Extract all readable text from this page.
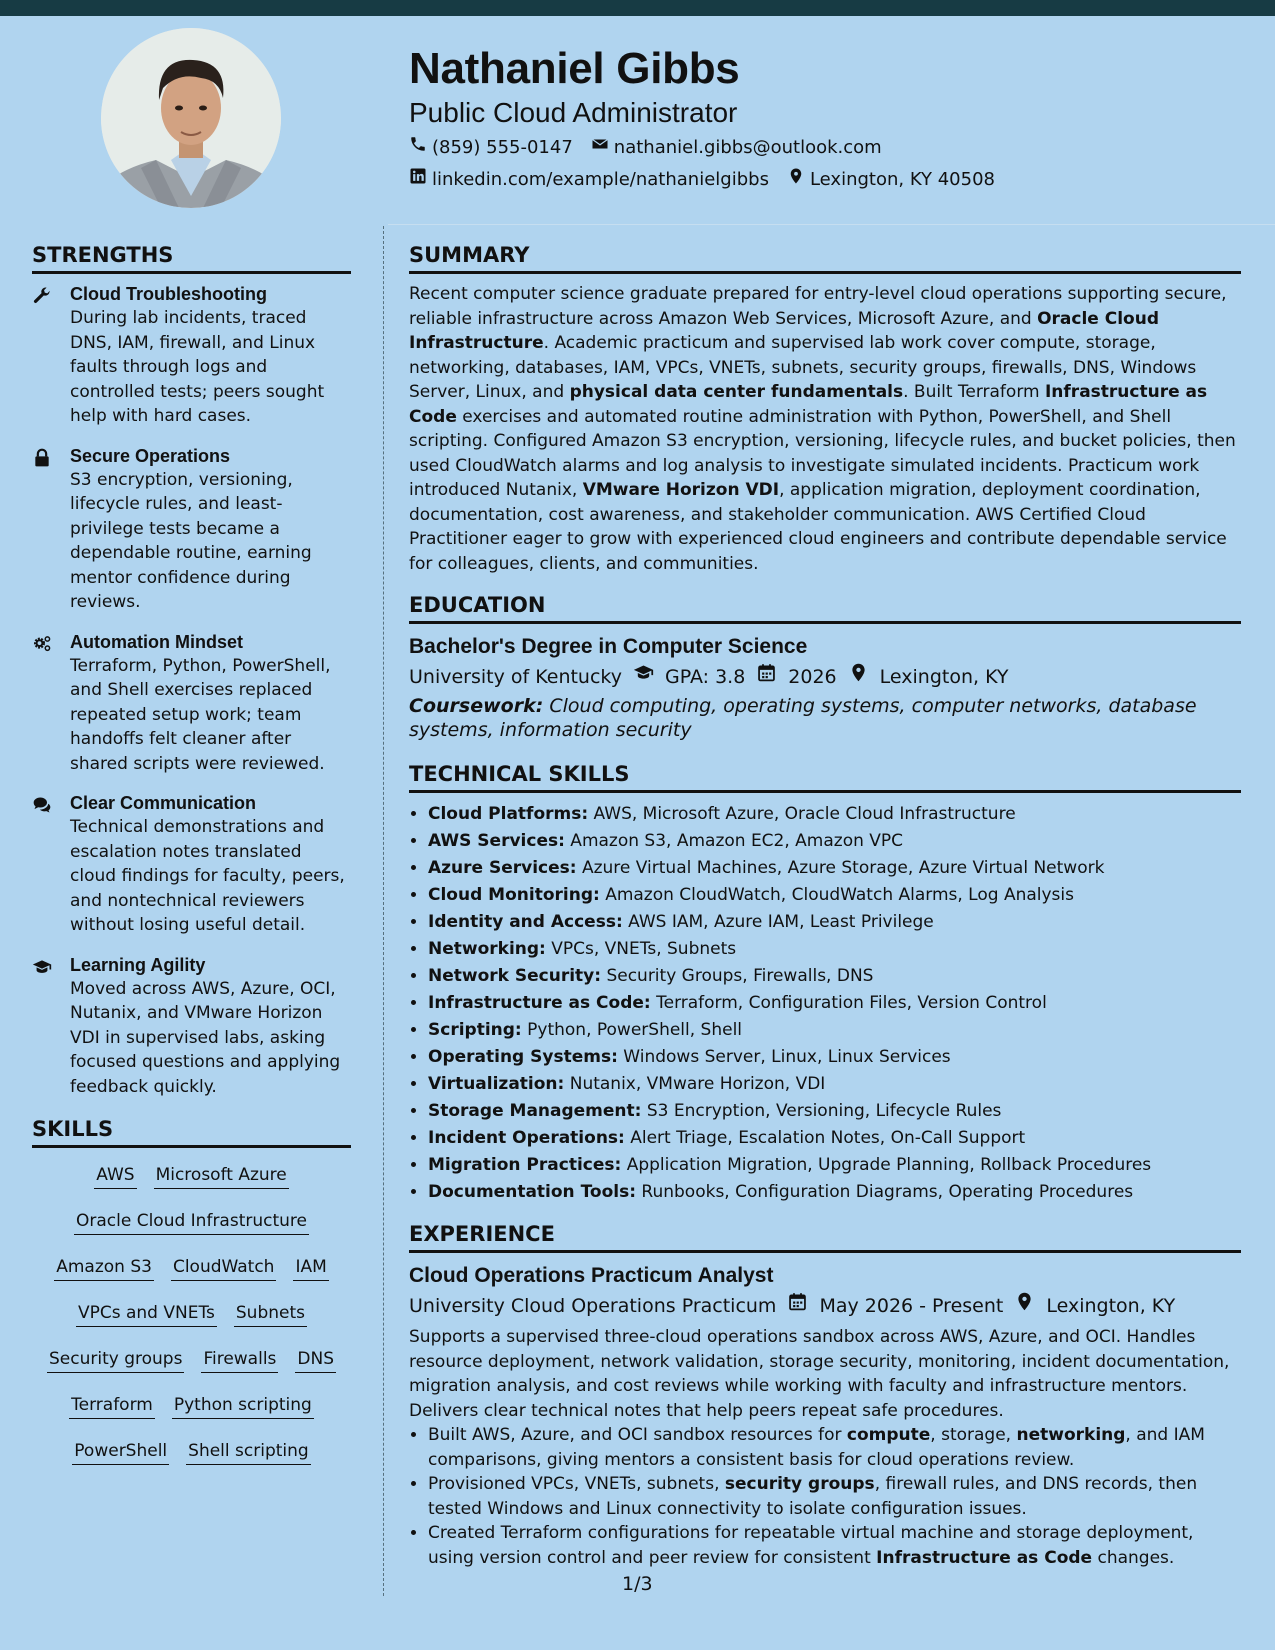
Nathaniel Gibbs
Public Cloud Administrator
(859) 555-0147 nathaniel.gibbs@outlook.com
linkedin.com/example/nathanielgibbs Lexington, KY 40508
STRENGTHS
Cloud Troubleshooting
During lab incidents, traced DNS, IAM, firewall, and Linux faults through logs and controlled tests; peers sought help with hard cases.
Secure Operations
S3 encryption, versioning, lifecycle rules, and least-privilege tests became a dependable routine, earning mentor confidence during reviews.
Automation Mindset
Terraform, Python, PowerShell, and Shell exercises replaced repeated setup work; team handoffs felt cleaner after shared scripts were reviewed.
Clear Communication
Technical demonstrations and escalation notes translated cloud findings for faculty, peers, and nontechnical reviewers without losing useful detail.
Learning Agility
Moved across AWS, Azure, OCI, Nutanix, and VMware Horizon VDI in supervised labs, asking focused questions and applying feedback quickly.
SKILLS
AWS Microsoft Azure
Oracle Cloud Infrastructure
Amazon S3 CloudWatch IAM
VPCs and VNETs Subnets
Security groups Firewalls DNS
Terraform Python scripting
PowerShell Shell scripting
SUMMARY
Recent computer science graduate prepared for entry-level cloud operations supporting secure, reliable infrastructure across Amazon Web Services, Microsoft Azure, and Oracle Cloud Infrastructure. Academic practicum and supervised lab work cover compute, storage, networking, databases, IAM, VPCs, VNETs, subnets, security groups, firewalls, DNS, Windows Server, Linux, and physical data center fundamentals. Built Terraform Infrastructure as Code exercises and automated routine administration with Python, PowerShell, and Shell scripting. Configured Amazon S3 encryption, versioning, lifecycle rules, and bucket policies, then used CloudWatch alarms and log analysis to investigate simulated incidents. Practicum work introduced Nutanix, VMware Horizon VDI, application migration, deployment coordination, documentation, cost awareness, and stakeholder communication. AWS Certified Cloud Practitioner eager to grow with experienced cloud engineers and contribute dependable service for colleagues, clients, and communities.
EDUCATION
Bachelor's Degree in Computer Science
University of Kentucky GPA: 3.8 2026 Lexington, KY
Coursework: Cloud computing, operating systems, computer networks, database systems, information security
TECHNICAL SKILLS
• Cloud Platforms: AWS, Microsoft Azure, Oracle Cloud Infrastructure
• AWS Services: Amazon S3, Amazon EC2, Amazon VPC
• Azure Services: Azure Virtual Machines, Azure Storage, Azure Virtual Network
• Cloud Monitoring: Amazon CloudWatch, CloudWatch Alarms, Log Analysis
• Identity and Access: AWS IAM, Azure IAM, Least Privilege
• Networking: VPCs, VNETs, Subnets
• Network Security: Security Groups, Firewalls, DNS
• Infrastructure as Code: Terraform, Configuration Files, Version Control
• Scripting: Python, PowerShell, Shell
• Operating Systems: Windows Server, Linux, Linux Services
• Virtualization: Nutanix, VMware Horizon, VDI
• Storage Management: S3 Encryption, Versioning, Lifecycle Rules
• Incident Operations: Alert Triage, Escalation Notes, On-Call Support
• Migration Practices: Application Migration, Upgrade Planning, Rollback Procedures
• Documentation Tools: Runbooks, Configuration Diagrams, Operating Procedures
EXPERIENCE
Cloud Operations Practicum Analyst
University Cloud Operations Practicum May 2026 - Present Lexington, KY
Supports a supervised three-cloud operations sandbox across AWS, Azure, and OCI. Handles resource deployment, network validation, storage security, monitoring, incident documentation, migration analysis, and cost reviews while working with faculty and infrastructure mentors. Delivers clear technical notes that help peers repeat safe procedures.
• Built AWS, Azure, and OCI sandbox resources for compute, storage, networking, and IAM comparisons, giving mentors a consistent basis for cloud operations review.
• Provisioned VPCs, VNETs, subnets, security groups, firewall rules, and DNS records, then tested Windows and Linux connectivity to isolate configuration issues.
• Created Terraform configurations for repeatable virtual machine and storage deployment, using version control and peer review for consistent Infrastructure as Code changes.
1/3
